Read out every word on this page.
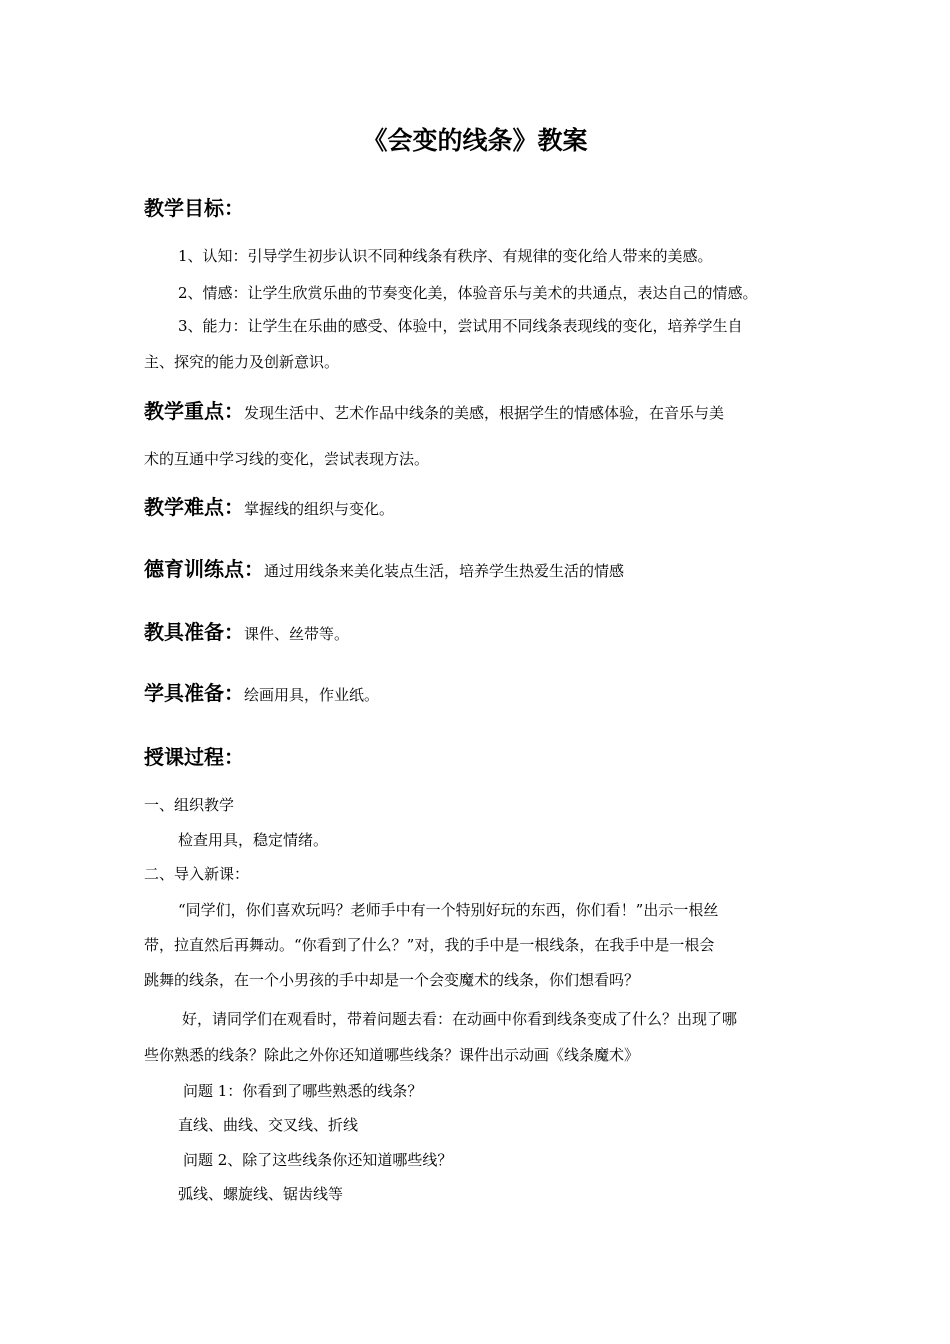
《会变的线条》教案
教学目标：
1、认知：引导学生初步认识不同种线条有秩序、有规律的变化给人带来的美感。
2、情感：让学生欣赏乐曲的节奏变化美，体验音乐与美术的共通点，表达自己的情感。
3、能力：让学生在乐曲的感受、体验中，尝试用不同线条表现线的变化，培养学生自
主、探究的能力及创新意识。
教学重点：发现生活中、艺术作品中线条的美感，根据学生的情感体验，在音乐与美
术的互通中学习线的变化，尝试表现方法。
教学难点：掌握线的组织与变化。
德育训练点：通过用线条来美化装点生活，培养学生热爱生活的情感
教具准备：课件、丝带等。
学具准备：绘画用具，作业纸。
授课过程：
一、组织教学
检查用具，稳定情绪。
二、导入新课：
“同学们，你们喜欢玩吗？老师手中有一个特别好玩的东西，你们看！”出示一根丝
带，拉直然后再舞动。“你看到了什么？”对，我的手中是一根线条，在我手中是一根会
跳舞的线条，在一个小男孩的手中却是一个会变魔术的线条，你们想看吗？
好，请同学们在观看时，带着问题去看：在动画中你看到线条变成了什么？出现了哪
些你熟悉的线条？除此之外你还知道哪些线条？课件出示动画《线条魔术》
问题 1：你看到了哪些熟悉的线条？
直线、曲线、交叉线、折线
问题 2、除了这些线条你还知道哪些线？
弧线、螺旋线、锯齿线等
